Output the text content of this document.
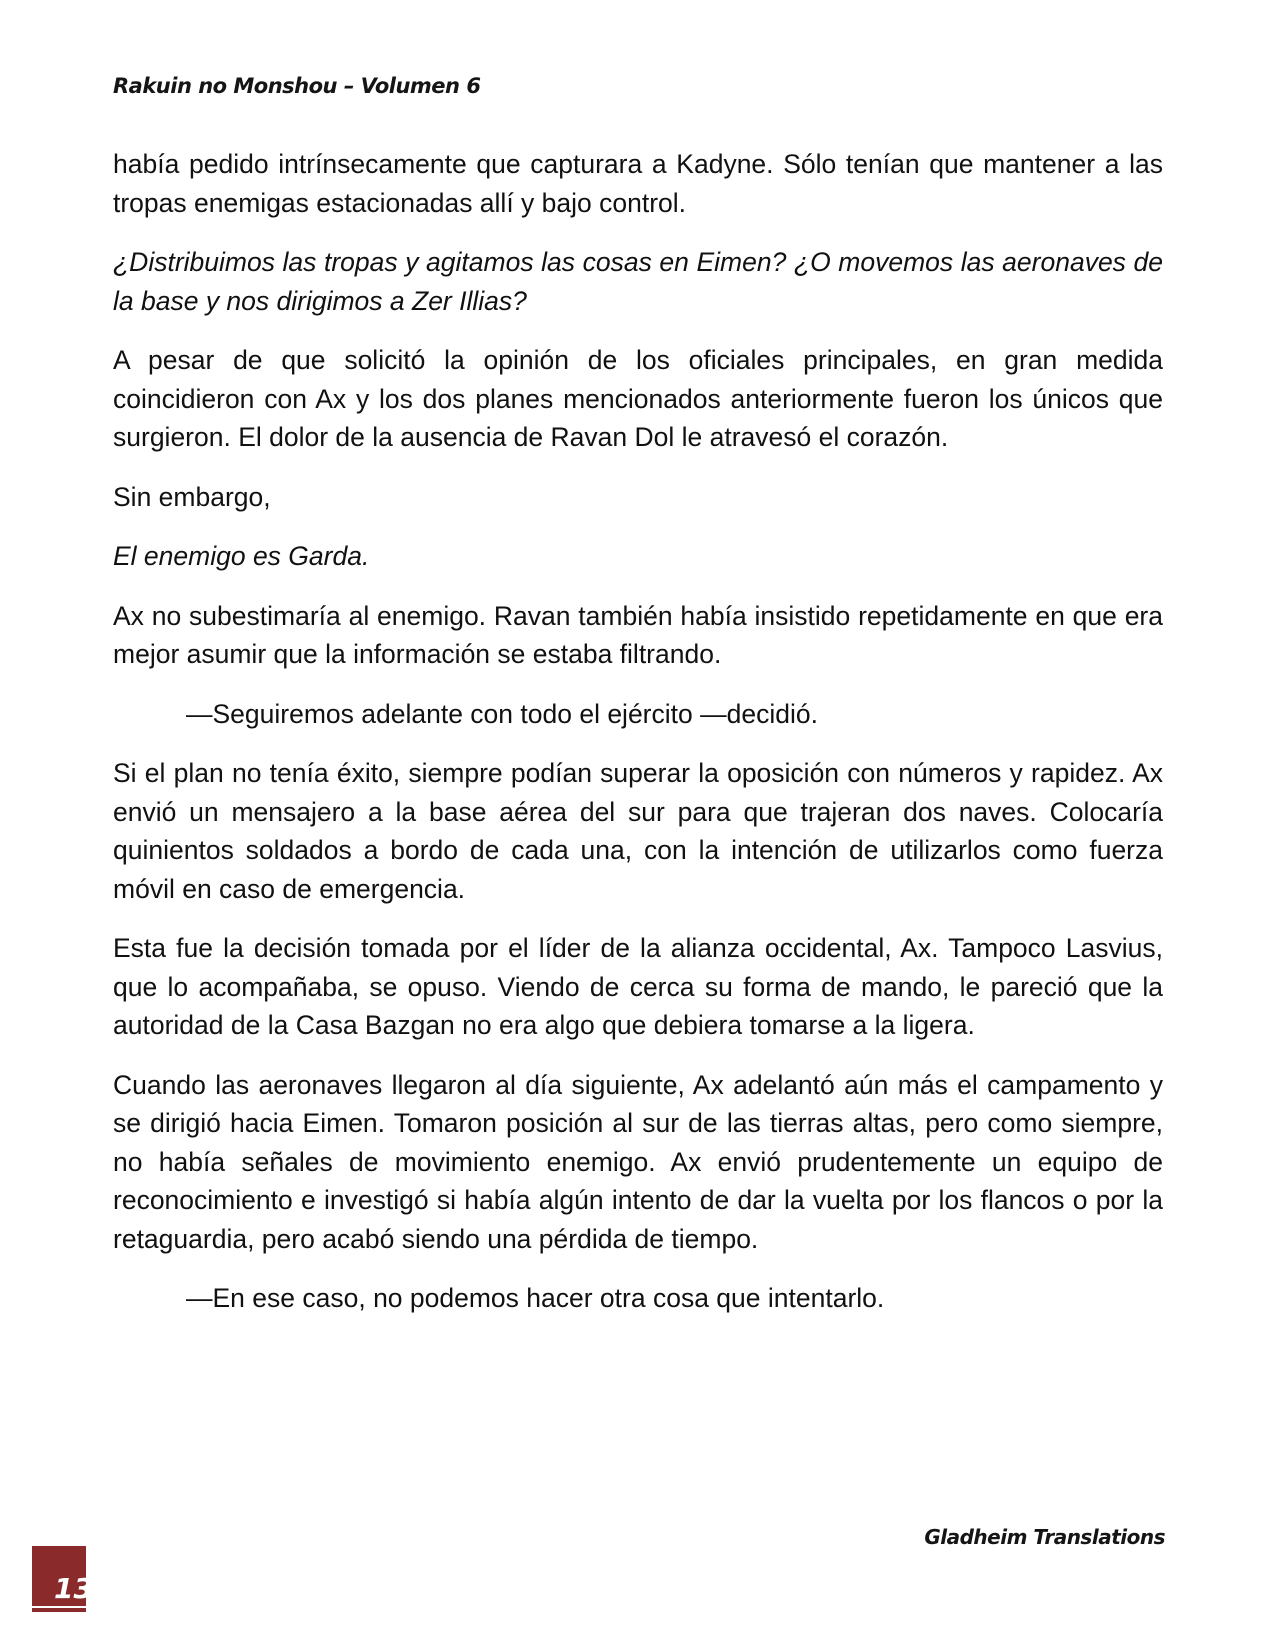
Rakuin no Monshou – Volumen 6

había pedido intrínsecamente que capturara a Kadyne. Sólo tenían que mantener a las tropas enemigas estacionadas allí y bajo control.

¿Distribuimos las tropas y agitamos las cosas en Eimen? ¿O movemos las aeronaves de la base y nos dirigimos a Zer Illias?

A pesar de que solicitó la opinión de los oficiales principales, en gran medida coincidieron con Ax y los dos planes mencionados anteriormente fueron los únicos que surgieron. El dolor de la ausencia de Ravan Dol le atravesó el corazón.

Sin embargo,

El enemigo es Garda.

Ax no subestimaría al enemigo. Ravan también había insistido repetidamente en que era mejor asumir que la información se estaba filtrando.

—Seguiremos adelante con todo el ejército —decidió.

Si el plan no tenía éxito, siempre podían superar la oposición con números y rapidez. Ax envió un mensajero a la base aérea del sur para que trajeran dos naves. Colocaría quinientos soldados a bordo de cada una, con la intención de utilizarlos como fuerza móvil en caso de emergencia.

Esta fue la decisión tomada por el líder de la alianza occidental, Ax. Tampoco Lasvius, que lo acompañaba, se opuso. Viendo de cerca su forma de mando, le pareció que la autoridad de la Casa Bazgan no era algo que debiera tomarse a la ligera.

Cuando las aeronaves llegaron al día siguiente, Ax adelantó aún más el campamento y se dirigió hacia Eimen. Tomaron posición al sur de las tierras altas, pero como siempre, no había señales de movimiento enemigo. Ax envió prudentemente un equipo de reconocimiento e investigó si había algún intento de dar la vuelta por los flancos o por la retaguardia, pero acabó siendo una pérdida de tiempo.

—En ese caso, no podemos hacer otra cosa que intentarlo.

Gladheim Translations
13
